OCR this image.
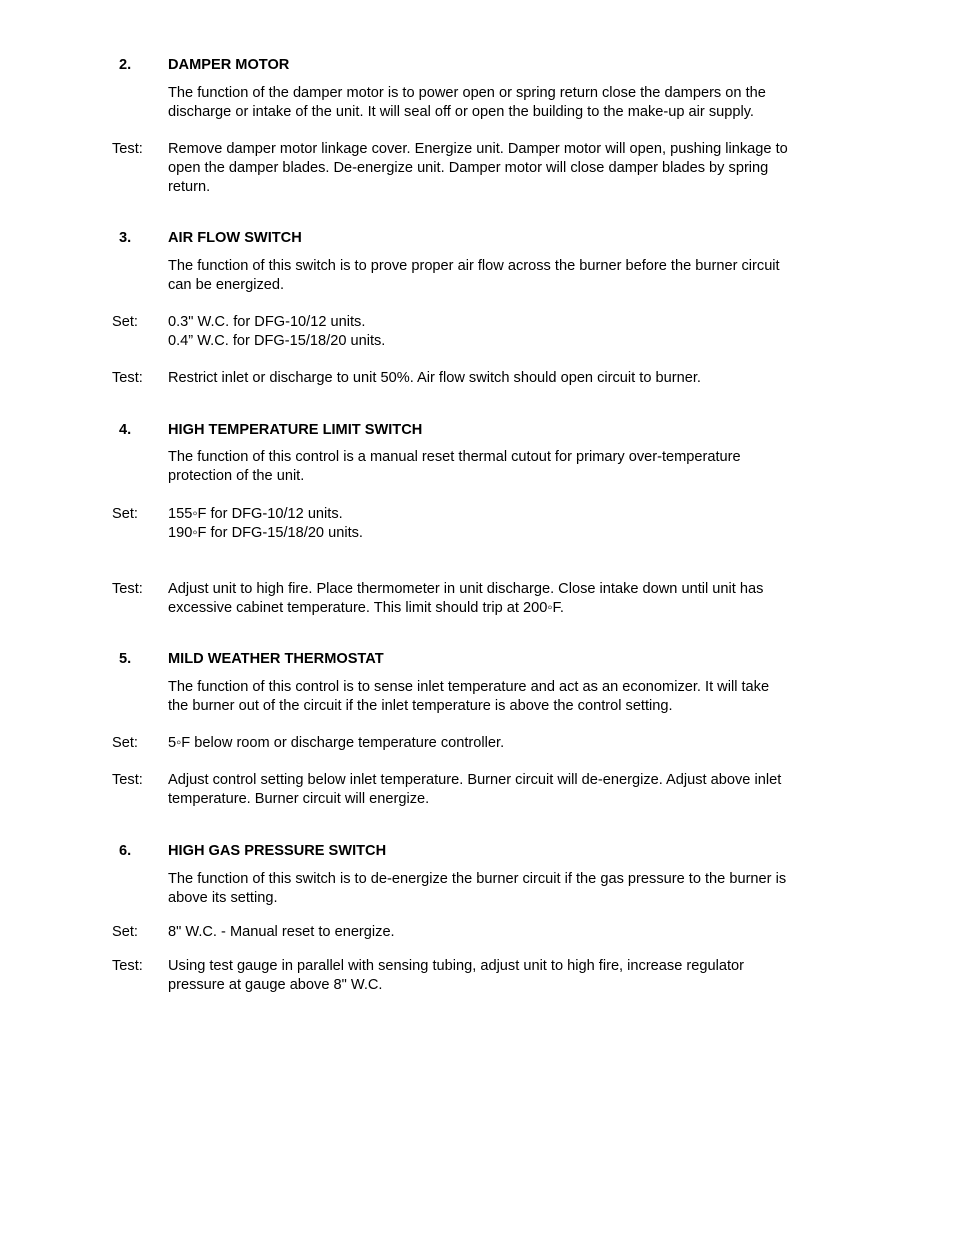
2.	DAMPER MOTOR

The function of the damper motor is to power open or spring return close the dampers on the
discharge or intake of the unit. It will seal off or open the building to the make-up air supply.

Test: Remove damper motor linkage cover. Energize unit. Damper motor will open, pushing linkage to
open the damper blades. De-energize unit. Damper motor will close damper blades by spring
return.

3.	AIR FLOW SWITCH

The function of this switch is to prove proper air flow across the burner before the burner circuit
can be energized.

Set: 0.3" W.C. for DFG-10/12 units.
0.4” W.C. for DFG-15/18/20 units.

Test: Restrict inlet or discharge to unit 50%. Air flow switch should open circuit to burner.

4.	HIGH TEMPERATURE LIMIT SWITCH

The function of this control is a manual reset thermal cutout for primary over-temperature
protection of the unit.

Set: 155◦F for DFG-10/12 units.
190◦F for DFG-15/18/20 units.

Test: Adjust unit to high fire. Place thermometer in unit discharge. Close intake down until unit has
excessive cabinet temperature. This limit should trip at 200◦F.

5.	MILD WEATHER THERMOSTAT

The function of this control is to sense inlet temperature and act as an economizer. It will take
the burner out of the circuit if the inlet temperature is above the control setting.

Set: 5◦F below room or discharge temperature controller.

Test: Adjust control setting below inlet temperature. Burner circuit will de-energize. Adjust above inlet
temperature. Burner circuit will energize.

6.	HIGH GAS PRESSURE SWITCH

The function of this switch is to de-energize the burner circuit if the gas pressure to the burner is
above its setting.

Set: 8" W.C. - Manual reset to energize.

Test: Using test gauge in parallel with sensing tubing, adjust unit to high fire, increase regulator
pressure at gauge above 8" W.C.
